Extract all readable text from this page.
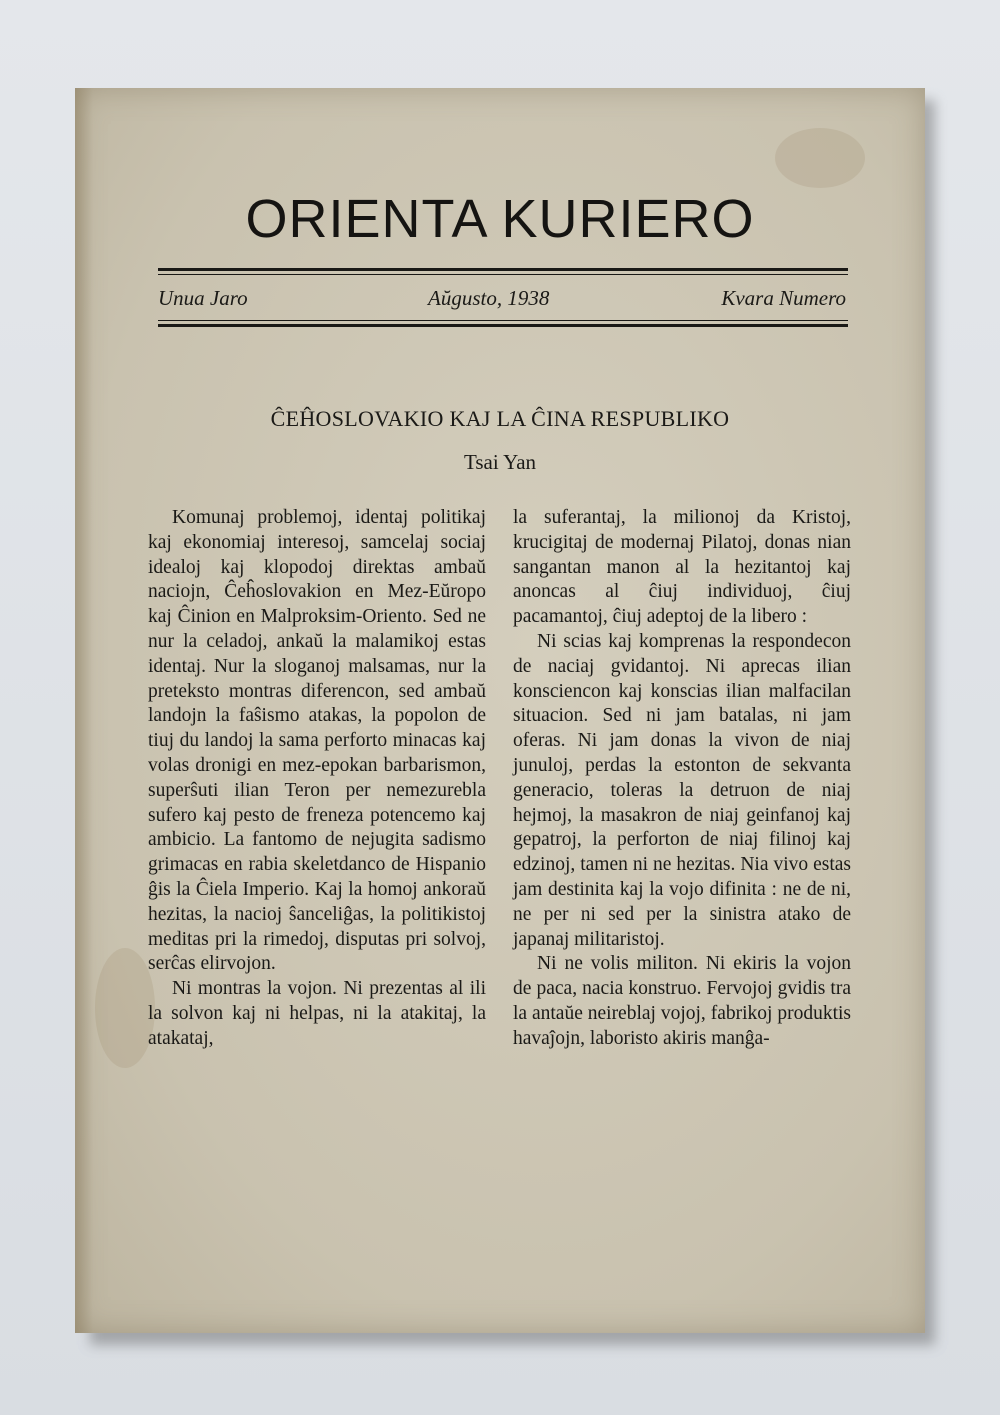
ORIENTA KURIERO
Unua Jaro	Aŭgusto, 1938	Kvara Numero
ĈEĤOSLOVAKIO KAJ LA ĈINA RESPUBLIKO
Tsai Yan

Komunaj problemoj, identaj politikaj kaj ekonomiaj interesoj, samcelaj sociaj idealoj kaj klopodoj direktas ambaŭ naciojn, Ĉeĥoslovakion en Mez-Eŭropo kaj Ĉinion en Malproksim-Oriento. Sed ne nur la celadoj, ankaŭ la malamikoj estas identaj. Nur la sloganoj malsamas, nur la preteksto montras diferencon, sed ambaŭ landojn la faŝismo atakas, la popolon de tiuj du landoj la sama perforto minacas kaj volas dronigi en mez-epokan barbarismon, superŝuti ilian Teron per nemezurebla sufero kaj pesto de freneza potencemo kaj ambicio. La fantomo de nejugita sadismo grimacas en rabia skeletdanco de Hispanio ĝis la Ĉiela Imperio. Kaj la homoj ankoraŭ hezitas, la nacioj ŝanceliĝas, la politikistoj meditas pri la rimedoj, disputas pri solvoj, serĉas elirvojon.

Ni montras la vojon. Ni prezentas al ili la solvon kaj ni helpas, ni la atakitaj, la atakataj,

la suferantaj, la milionoj da Kristoj, krucigitaj de modernaj Pilatoj, donas nian sangantan manon al la hezitantoj kaj anoncas al ĉiuj individuoj, ĉiuj pacamantoj, ĉiuj adeptoj de la libero :

Ni scias kaj komprenas la respondecon de naciaj gvidantoj. Ni aprecas ilian konsciencon kaj konscias ilian malfacilan situacion. Sed ni jam batalas, ni jam oferas. Ni jam donas la vivon de niaj junuloj, perdas la estonton de sekvanta generacio, toleras la detruon de niaj hejmoj, la masakron de niaj geinfanoj kaj gepatroj, la perforton de niaj filinoj kaj edzinoj, tamen ni ne hezitas. Nia vivo estas jam destinita kaj la vojo difinita : ne de ni, ne per ni sed per la sinistra atako de japanaj militaristoj.

Ni ne volis militon. Ni ekiris la vojon de paca, nacia konstruo. Fervojoj gvidis tra la antaŭe neireblaj vojoj, fabrikoj produktis havaĵojn, laboristo akiris manĝa-
